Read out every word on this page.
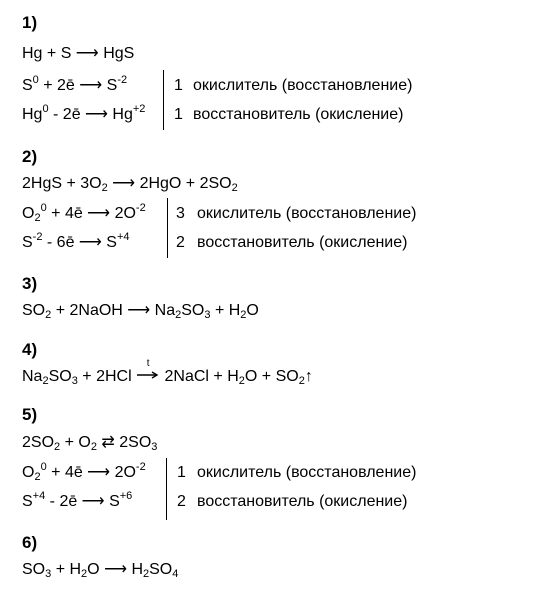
1)
Hg + S ⟶ HgS
$S^0$ + 2ē ⟶ $S^{-2}$
Hg$^0$ - 2ē ⟶ $Hg^{+2}$
1 окислитель (восстановление)
1 восстановитель (окисление)
2)
$2HgS + 3O_2$ ⟶ $2HgO + 2SO_2$
$O_2^0$ + 4ē ⟶ $2O^{-2}$
$S^{-2}$ - 6ē ⟶ $S^{+4}$
3 окислитель (восстановление)
2 восстановитель (окисление)
3)
$SO_2$ + 2NaOH ⟶ $Na_2SO_3 + H_2O$
4)
$Na_2SO_3 + 2HCl$
t
2NaCl + $H_2O$ + $SO_2↑$
5)
$2SO_2 + O_2$ ⇄ $2SO_3$
$O_2^0$ + 4ē ⟶ $2O^{-2}$
$S^{+4}$ - 2ē ⟶ $S^{+6}$
1 окислитель (восстановление)
2 восстановитель (окисление)
6)
$SO_3 + H_2O$ ⟶ $H_2SO_4$
